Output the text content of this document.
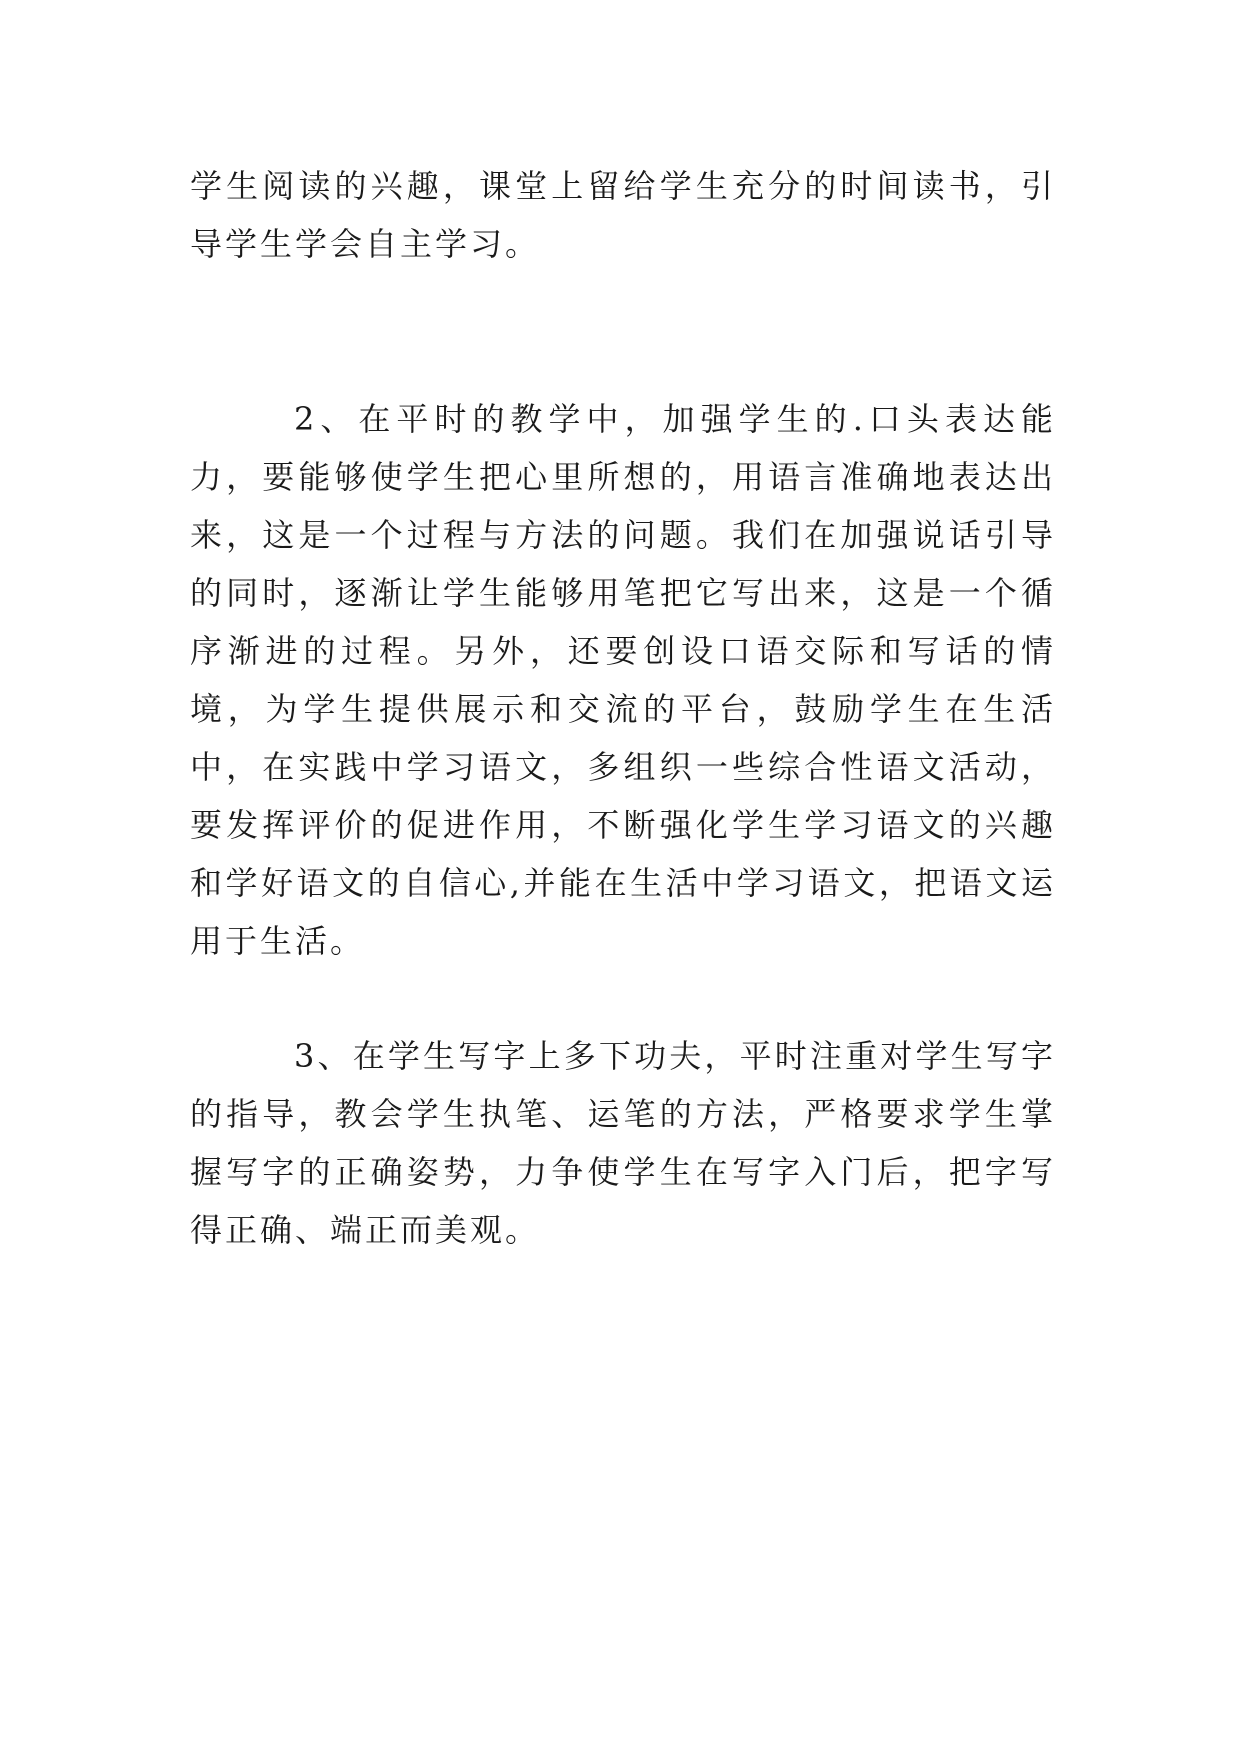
学生阅读的兴趣，课堂上留给学生充分的时间读书，引导学生学会自主学习。

2、在平时的教学中，加强学生的.口头表达能力，要能够使学生把心里所想的，用语言准确地表达出来，这是一个过程与方法的问题。我们在加强说话引导的同时，逐渐让学生能够用笔把它写出来，这是一个循序渐进的过程。另外，还要创设口语交际和写话的情境，为学生提供展示和交流的平台，鼓励学生在生活中，在实践中学习语文，多组织一些综合性语文活动，要发挥评价的促进作用，不断强化学生学习语文的兴趣和学好语文的自信心,并能在生活中学习语文，把语文运用于生活。

3、在学生写字上多下功夫，平时注重对学生写字的指导，教会学生执笔、运笔的方法，严格要求学生掌握写字的正确姿势，力争使学生在写字入门后，把字写得正确、端正而美观。
